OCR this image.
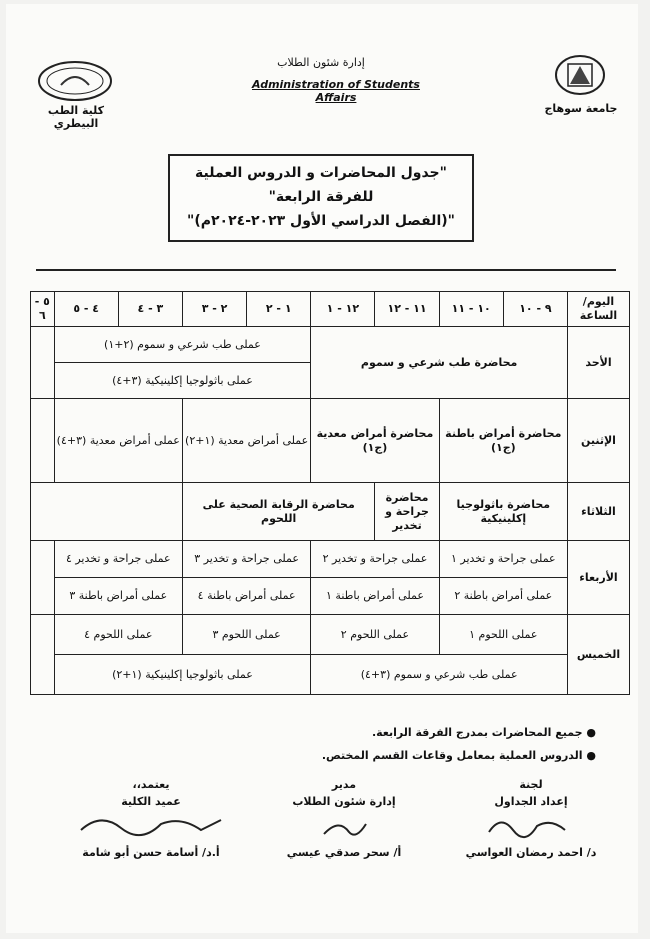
جامعة سوهاج
كلية الطب البيطري
إدارة شئون الطلاب
Administration of Students Affairs
"جدول المحاضرات و الدروس العملية
للفرقة الرابعة"
"(الفصل الدراسي الأول ٢٠٢٣-٢٠٢٤م)"
اليوم/ الساعة	٩ - ١٠	١٠ - ١١	١١ - ١٢	١٢ - ١	١ - ٢	٢ - ٣	٣ - ٤	٤ - ٥	٥ - ٦
الأحد	محاضرة طب شرعي و سموم				عملى طب شرعي و سموم (٢+١)				
					عملى باثولوجيا إكلينيكية (٣+٤)				
الإثنين	محاضرة أمراض باطنة (ج١)		محاضرة أمراض معدية (ج١)		عملى أمراض معدية (١+٢)		عملى أمراض معدية (٣+٤)		
الثلاثاء	محاضرة باثولوجيا إكلينيكية		محاضرة جراحة و تخدير	محاضرة الرقابة الصحية على اللحوم					
الأربعاء	عملى جراحة و تخدير ١		عملى جراحة و تخدير ٢		عملى جراحة و تخدير ٣		عملى جراحة و تخدير ٤		
	عملى أمراض باطنة ٢		عملى أمراض باطنة ١		عملى أمراض باطنة ٤		عملى أمراض باطنة ٣		
الخميس	عملى اللحوم ١		عملى اللحوم ٢		عملى اللحوم ٣		عملى اللحوم ٤		
	عملى طب شرعي و سموم (٣+٤)				عملى باثولوجيا إكلينيكية (١+٢)				
● جميع المحاضرات بمدرج الفرقة الرابعة.
● الدروس العملية بمعامل وقاعات القسم المختص.
لجنة
إعداد الجداول
د/ احمد رمضان العواسي
مدير
إدارة شئون الطلاب
أ/ سحر صدقي عيسي
يعتمد،،
عميد الكلية
أ.د/ أسامة حسن أبو شامة
